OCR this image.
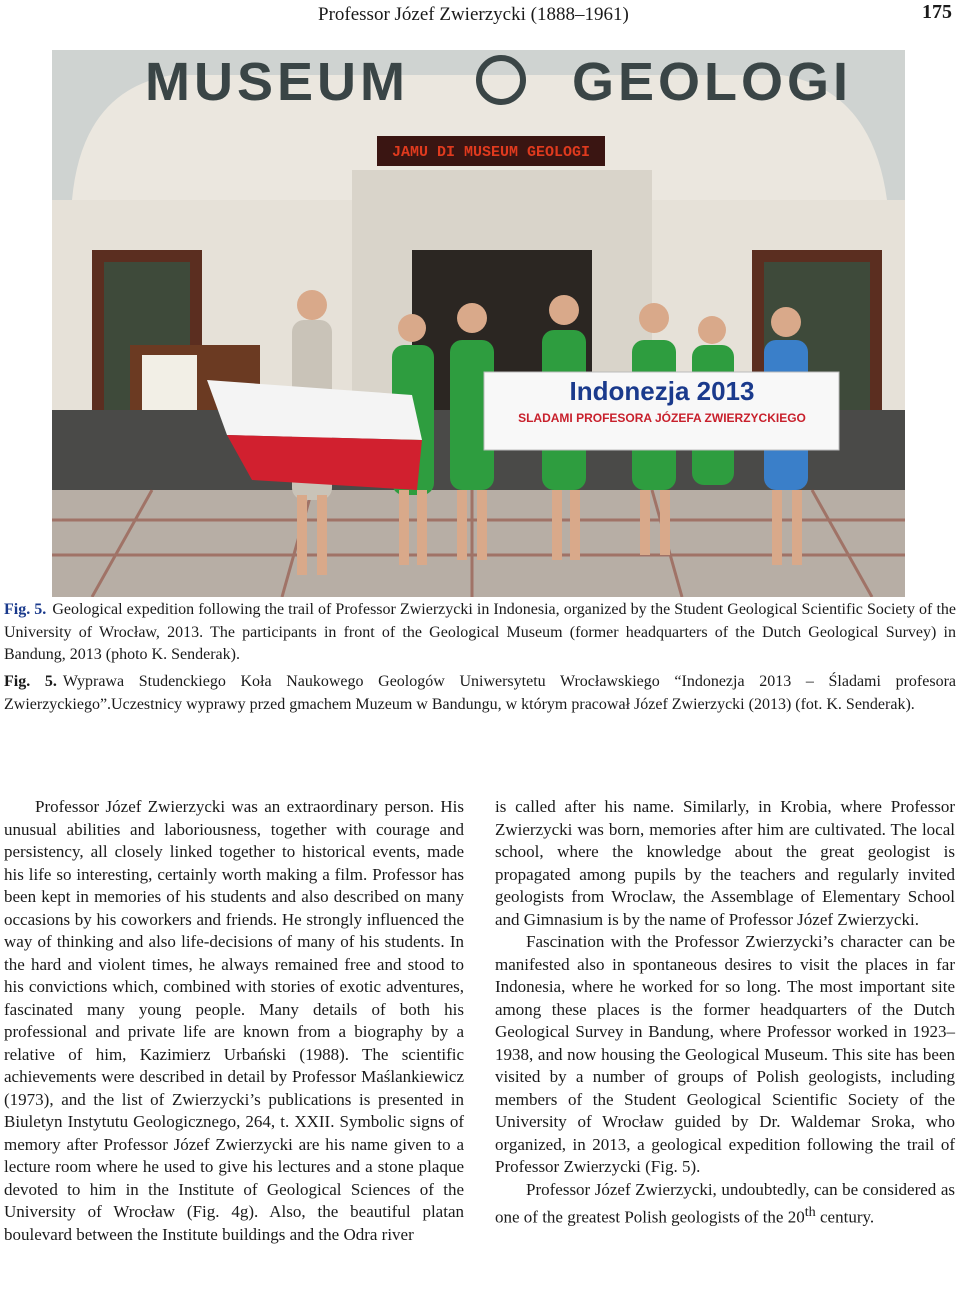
Professor Józef Zwierzycki (1888–1961)	175
JAMU DI MUSEUM GEOLOGI
MUSEUM	GEOLOGI
Indonezja 2013
SLADAMI PROFESORA JÓZEFA ZWIERZYCKIEGO
Fig. 5. Geological expedition following the trail of Professor Zwierzycki in Indonesia, organized by the Student Geological Scientific Society of the University of Wrocław, 2013. The participants in front of the Geological Museum (former headquarters of the Dutch Geological Survey) in Bandung, 2013 (photo K. Senderak).
Fig. 5. Wyprawa Studenckiego Koła Naukowego Geologów Uniwersytetu Wrocławskiego “Indonezja 2013 – Śladami profesora Zwierzyckiego”.Uczestnicy wyprawy przed gmachem Muzeum w Bandungu, w którym pracował Józef Zwierzycki (2013) (fot. K. Senderak).

Professor Józef Zwierzycki was an extraordinary person. His unusual abilities and laboriousness, together with courage and persistency, all closely linked together to historical events, made his life so interesting, certainly worth making a film. Professor has been kept in memories of his students and also described on many occasions by his coworkers and friends. He strongly influenced the way of thinking and also life-decisions of many of his students. In the hard and violent times, he always remained free and stood to his convictions which, combined with stories of exotic adventures, fascinated many young people. Many details of both his professional and private life are known from a biography by a relative of him, Kazimierz Urbański (1988). The scientific achievements were described in detail by Professor Maślankiewicz (1973), and the list of Zwierzycki’s publications is presented in Biuletyn Instytutu Geologicznego, 264, t. XXII. Symbolic signs of memory after Professor Józef Zwierzycki are his name given to a lecture room where he used to give his lectures and a stone plaque devoted to him in the Institute of Geological Sciences of the University of Wrocław (Fig. 4g). Also, the beautiful platan boulevard between the Institute buildings and the Odra river

is called after his name. Similarly, in Krobia, where Professor Zwierzycki was born, memories after him are cultivated. The local school, where the knowledge about the great geologist is propagated among pupils by the teachers and regularly invited geologists from Wroclaw, the Assemblage of Elementary School and Gimnasium is by the name of Professor Józef Zwierzycki.

Fascination with the Professor Zwierzycki’s character can be manifested also in spontaneous desires to visit the places in far Indonesia, where he worked for so long. The most important site among these places is the former headquarters of the Dutch Geological Survey in Bandung, where Professor worked in 1923–1938, and now housing the Geological Museum. This site has been visited by a number of groups of Polish geologists, including members of the Student Geological Scientific Society of the University of Wrocław guided by Dr. Waldemar Sroka, who organized, in 2013, a geological expedition following the trail of Professor Zwierzycki (Fig. 5).

Professor Józef Zwierzycki, undoubtedly, can be considered as one of the greatest Polish geologists of the 20th century.
